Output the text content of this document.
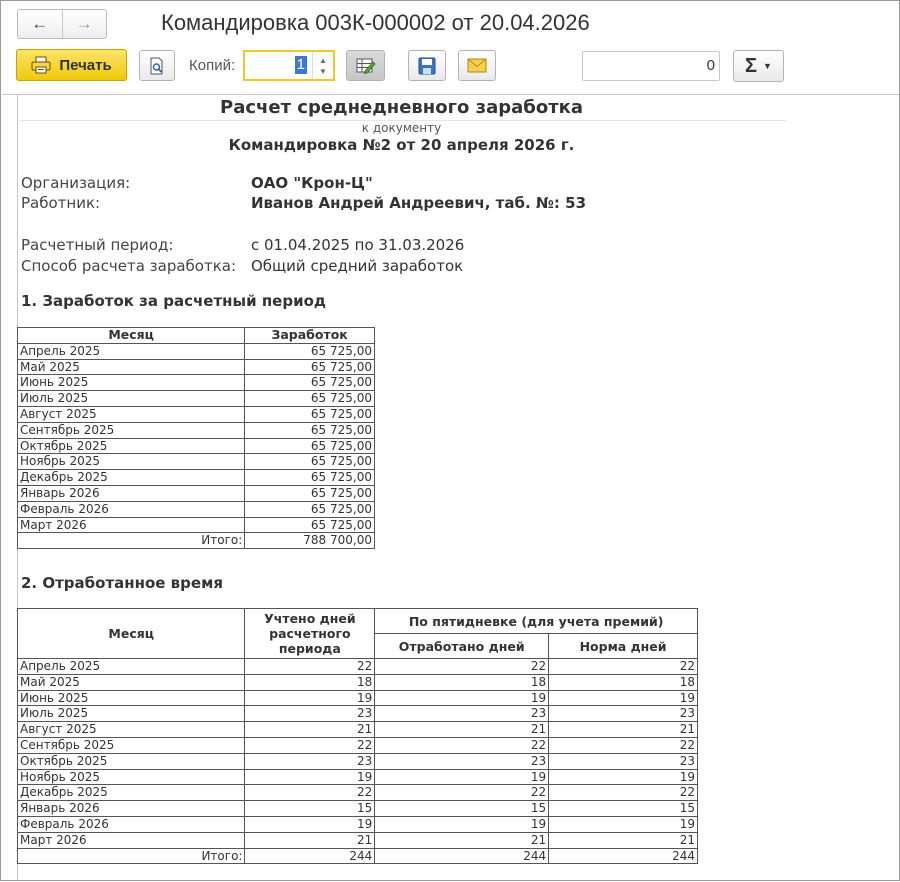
← →	Командировка 003К-000002 от 20.04.2026
Печать	Копий:	1 ▲
▼	0 Σ ▼
Расчет среднедневного заработка
к документу
Командировка №2 от 20 апреля 2026 г.
Организация:	ОАО "Крон-Ц"
Работник:	Иванов Андрей Андреевич, таб. №: 53
Расчетный период:	с 01.04.2025 по 31.03.2026
Способ расчета заработка: Общий средний заработок
1. Заработок за расчетный период
Месяц	Заработок
Апрель 2025	65 725,00
Май 2025	65 725,00
Июнь 2025	65 725,00
Июль 2025	65 725,00
Август 2025	65 725,00
Сентябрь 2025	65 725,00
Октябрь 2025	65 725,00
Ноябрь 2025	65 725,00
Декабрь 2025	65 725,00
Январь 2026	65 725,00
Февраль 2026	65 725,00
Март 2026	65 725,00
Итого:	788 700,00
2. Отработанное время
Месяц	Учтено дней расчетного периода	По пятидневке (для учета премий)	
		Отработано дней	Норма дней
Апрель 2025	22	22	22
Май 2025	18	18	18
Июнь 2025	19	19	19
Июль 2025	23	23	23
Август 2025	21	21	21
Сентябрь 2025	22	22	22
Октябрь 2025	23	23	23
Ноябрь 2025	19	19	19
Декабрь 2025	22	22	22
Январь 2026	15	15	15
Февраль 2026	19	19	19
Март 2026	21	21	21
Итого:	244	244	244
